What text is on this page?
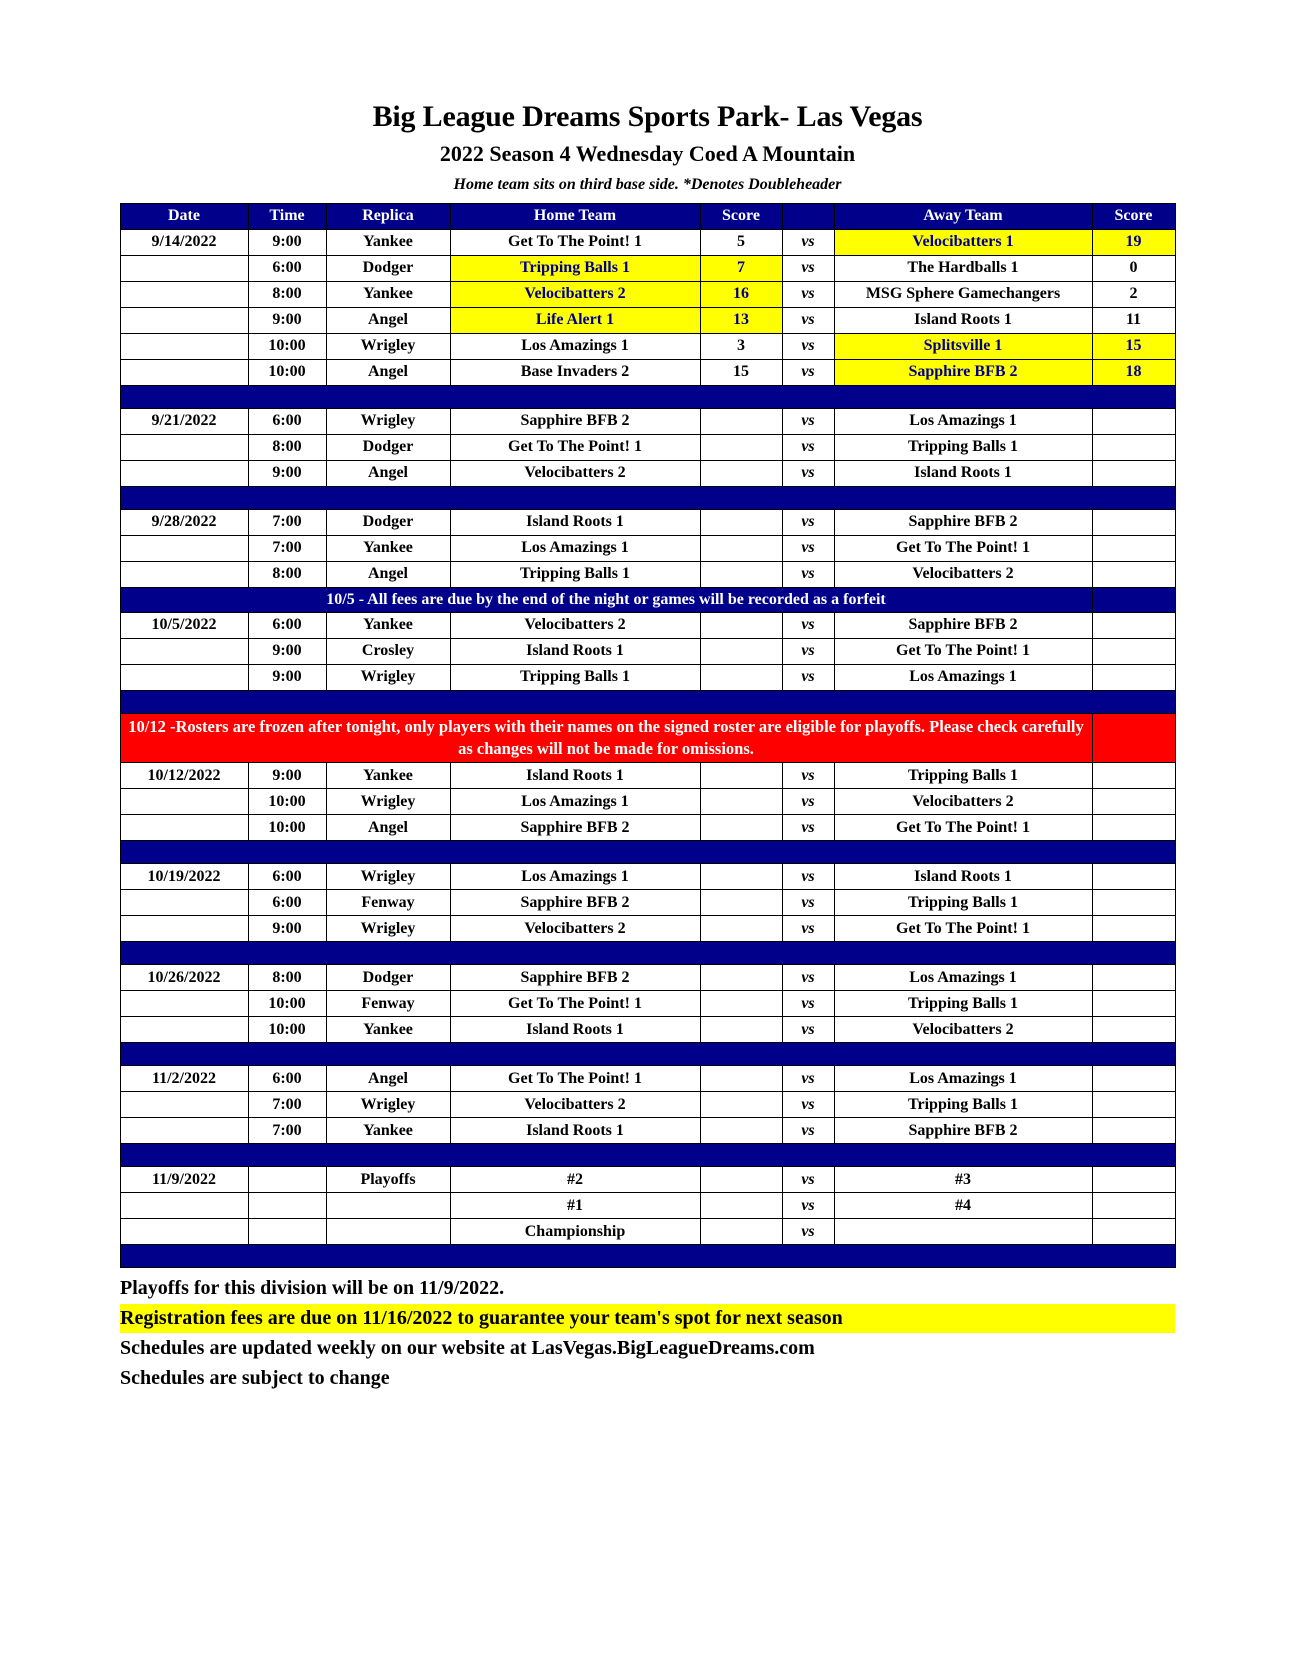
Big League Dreams Sports Park- Las Vegas
2022 Season 4 Wednesday Coed A Mountain
Home team sits on third base side. *Denotes Doubleheader
Date	Time	Replica	Home Team	Score		Away Team	Score
9/14/2022	9:00	Yankee	Get To The Point! 1	5	vs	Velocibatters 1	19
	6:00	Dodger	Tripping Balls 1	7	vs	The Hardballs 1	0
	8:00	Yankee	Velocibatters 2	16	vs	MSG Sphere Gamechangers	2
	9:00	Angel	Life Alert 1	13	vs	Island Roots 1	11
	10:00	Wrigley	Los Amazings 1	3	vs	Splitsville 1	15
	10:00	Angel	Base Invaders 2	15	vs	Sapphire BFB 2	18

9/21/2022	6:00	Wrigley	Sapphire BFB 2		vs	Los Amazings 1	
	8:00	Dodger	Get To The Point! 1		vs	Tripping Balls 1	
	9:00	Angel	Velocibatters 2		vs	Island Roots 1	

9/28/2022	7:00	Dodger	Island Roots 1		vs	Sapphire BFB 2	
	7:00	Yankee	Los Amazings 1		vs	Get To The Point! 1	
	8:00	Angel	Tripping Balls 1		vs	Velocibatters 2	
10/5 - All fees are due by the end of the night or games will be recorded as a forfeit							
10/5/2022	6:00	Yankee	Velocibatters 2		vs	Sapphire BFB 2	
	9:00	Crosley	Island Roots 1		vs	Get To The Point! 1	
	9:00	Wrigley	Tripping Balls 1		vs	Los Amazings 1	

10/12 -Rosters are frozen after tonight, only players with their names on the signed roster are eligible for playoffs. Please check carefully as changes will not be made for omissions.							
10/12/2022	9:00	Yankee	Island Roots 1		vs	Tripping Balls 1	
	10:00	Wrigley	Los Amazings 1		vs	Velocibatters 2	
	10:00	Angel	Sapphire BFB 2		vs	Get To The Point! 1	

10/19/2022	6:00	Wrigley	Los Amazings 1		vs	Island Roots 1	
	6:00	Fenway	Sapphire BFB 2		vs	Tripping Balls 1	
	9:00	Wrigley	Velocibatters 2		vs	Get To The Point! 1	

10/26/2022	8:00	Dodger	Sapphire BFB 2		vs	Los Amazings 1	
	10:00	Fenway	Get To The Point! 1		vs	Tripping Balls 1	
	10:00	Yankee	Island Roots 1		vs	Velocibatters 2	

11/2/2022	6:00	Angel	Get To The Point! 1		vs	Los Amazings 1	
	7:00	Wrigley	Velocibatters 2		vs	Tripping Balls 1	
	7:00	Yankee	Island Roots 1		vs	Sapphire BFB 2	

11/9/2022		Playoffs	#2		vs	#3	
			#1		vs	#4	
			Championship		vs		

Playoffs for this division will be on 11/9/2022.

Registration fees are due on 11/16/2022 to guarantee your team's spot for next season

Schedules are updated weekly on our website at LasVegas.BigLeagueDreams.com

Schedules are subject to change
